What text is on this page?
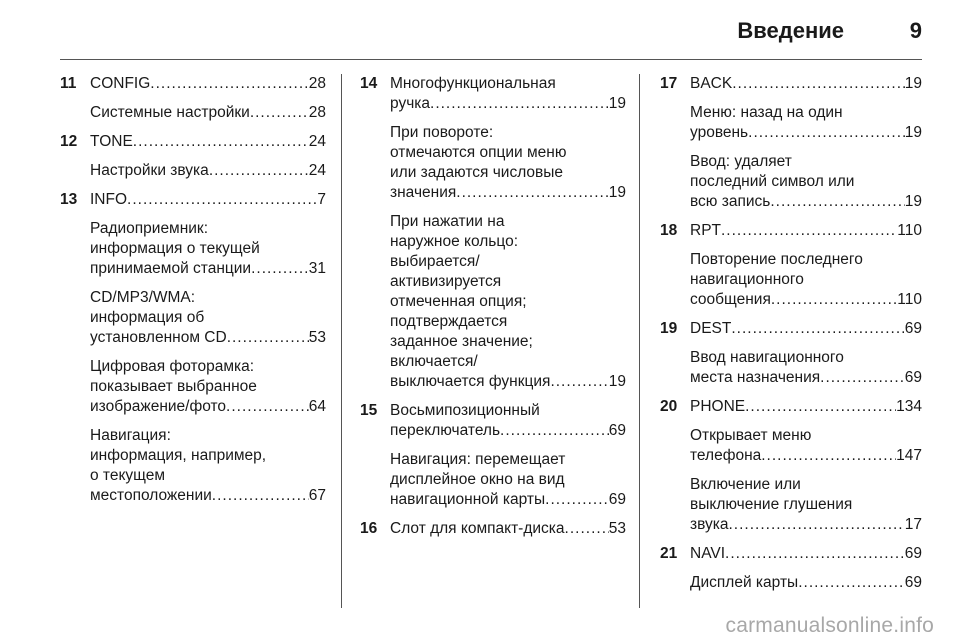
Введение	9
11 CONFIG .....	28
Системные настройки .....	28
12 TONE .....	24
Настройки звука .....	24
13 INFO .....	7
Радиоприемник:
информация о текущей
принимаемой станции .....	31
CD/MP3/WMA:
информация об
установленном CD .....	53
Цифровая фоторамка:
показывает выбранное
изображение/фото .....	64
Навигация:
информация, например,
о текущем
местоположении .....	67
14 Многофункциональная
ручка .....	19
При повороте:
отмечаются опции меню
или задаются числовые
значения .....	19
При нажатии на
наружное кольцо:
выбирается/
активизируется
отмеченная опция;
подтверждается
заданное значение;
включается/
выключается функция .....	19
15 Восьмипозиционный
переключатель .....	69
Навигация: перемещает
дисплейное окно на вид
навигационной карты .....	69
16 Слот для компакт-диска .....	53
17 BACK .....	19
Меню: назад на один
уровень .....	19
Ввод: удаляет
последний символ или
всю запись .....	19
18 RPT .....	110
Повторение последнего
навигационного
сообщения .....	110
19 DEST .....	69
Ввод навигационного
места назначения .....	69
20 PHONE .....	134
Открывает меню
телефона .....	147
Включение или
выключение глушения
звука .....	17
21 NAVI .....	69
Дисплей карты .....	69
carmanualsonline.info
